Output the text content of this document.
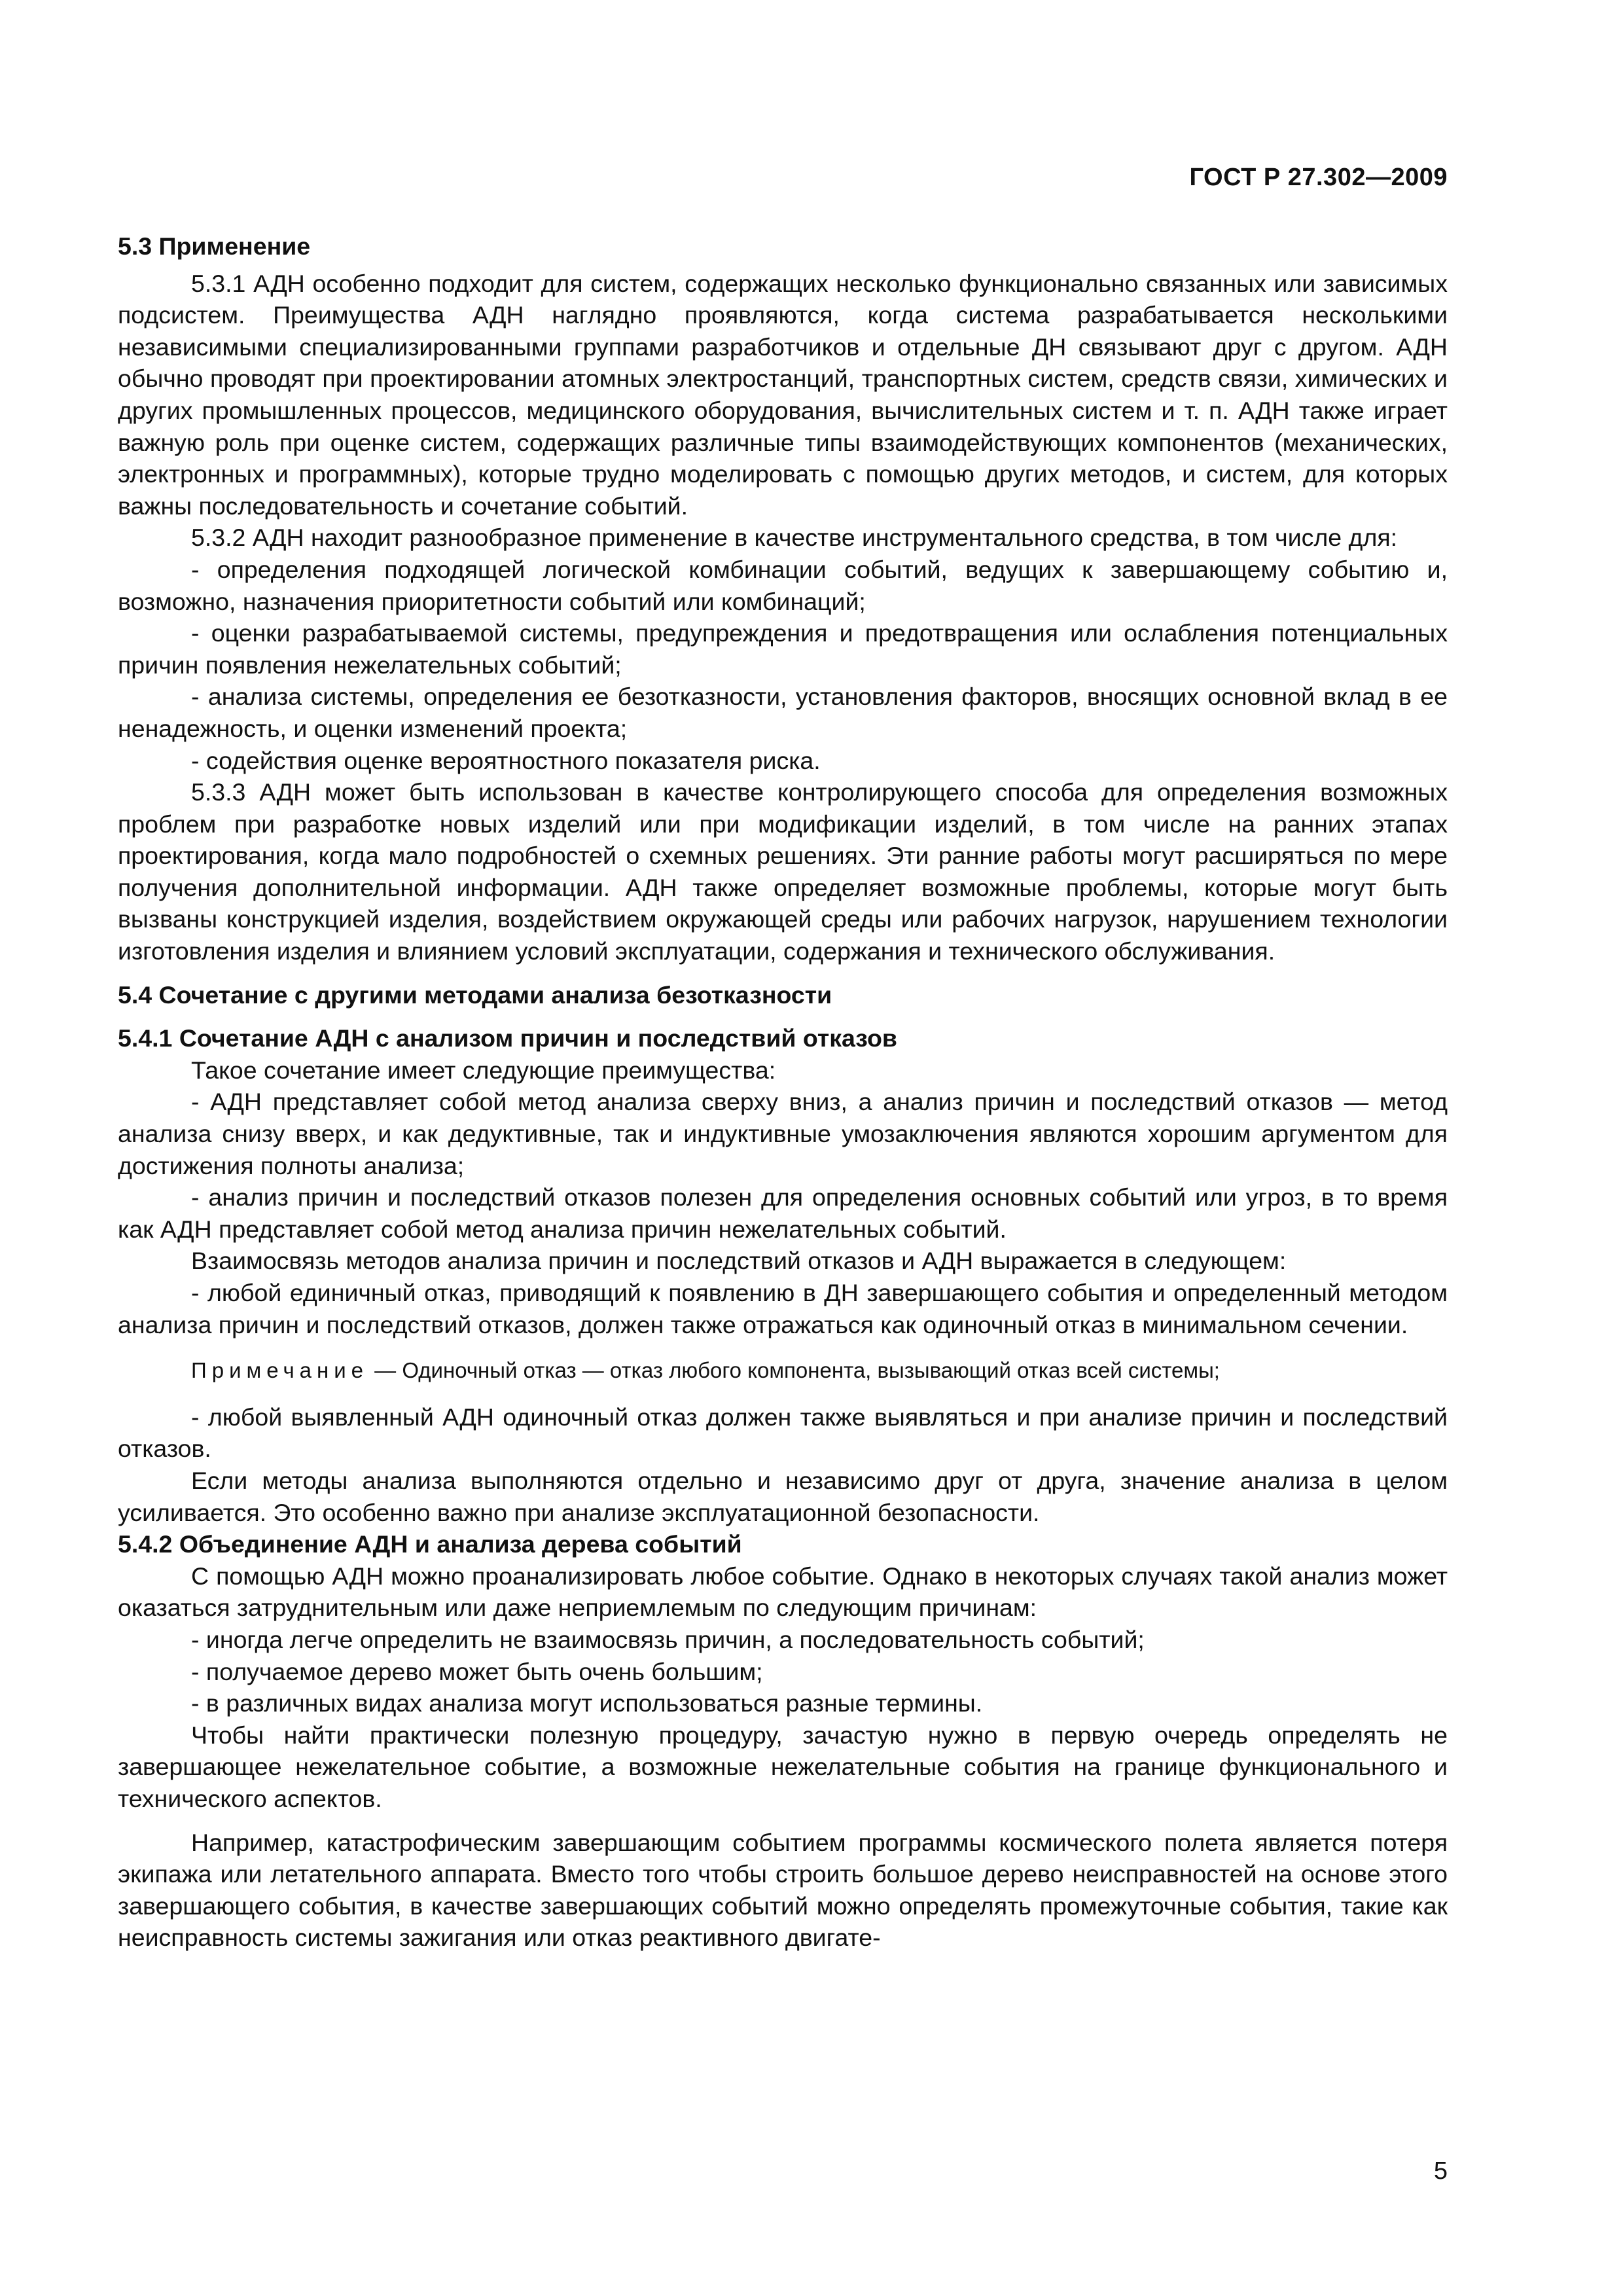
ГОСТ Р 27.302—2009

5.3 Применение

5.3.1 АДН особенно подходит для систем, содержащих несколько функционально связанных или зависимых подсистем. Преимущества АДН наглядно проявляются, когда система разрабатывается несколькими независимыми специализированными группами разработчиков и отдельные ДН связывают друг с другом. АДН обычно проводят при проектировании атомных электростанций, транспортных систем, средств связи, химических и других промышленных процессов, медицинского оборудования, вычислительных систем и т. п. АДН также играет важную роль при оценке систем, содержащих различные типы взаимодействующих компонентов (механических, электронных и программных), которые трудно моделировать с помощью других методов, и систем, для которых важны последовательность и сочетание событий.

5.3.2 АДН находит разнообразное применение в качестве инструментального средства, в том числе для:

- определения подходящей логической комбинации событий, ведущих к завершающему событию и, возможно, назначения приоритетности событий или комбинаций;

- оценки разрабатываемой системы, предупреждения и предотвращения или ослабления потенциальных причин появления нежелательных событий;

- анализа системы, определения ее безотказности, установления факторов, вносящих основной вклад в ее ненадежность, и оценки изменений проекта;

- содействия оценке вероятностного показателя риска.

5.3.3 АДН может быть использован в качестве контролирующего способа для определения возможных проблем при разработке новых изделий или при модификации изделий, в том числе на ранних этапах проектирования, когда мало подробностей о схемных решениях. Эти ранние работы могут расширяться по мере получения дополнительной информации. АДН также определяет возможные проблемы, которые могут быть вызваны конструкцией изделия, воздействием окружающей среды или рабочих нагрузок, нарушением технологии изготовления изделия и влиянием условий эксплуатации, содержания и технического обслуживания.

5.4 Сочетание с другими методами анализа безотказности

5.4.1 Сочетание АДН с анализом причин и последствий отказов

Такое сочетание имеет следующие преимущества:

- АДН представляет собой метод анализа сверху вниз, а анализ причин и последствий отказов — метод анализа снизу вверх, и как дедуктивные, так и индуктивные умозаключения являются хорошим аргументом для достижения полноты анализа;

- анализ причин и последствий отказов полезен для определения основных событий или угроз, в то время как АДН представляет собой метод анализа причин нежелательных событий.

Взаимосвязь методов анализа причин и последствий отказов и АДН выражается в следующем:

- любой единичный отказ, приводящий к появлению в ДН завершающего события и определенный методом анализа причин и последствий отказов, должен также отражаться как одиночный отказ в минимальном сечении.

Примечание — Одиночный отказ — отказ любого компонента, вызывающий отказ всей системы;

- любой выявленный АДН одиночный отказ должен также выявляться и при анализе причин и последствий отказов.

Если методы анализа выполняются отдельно и независимо друг от друга, значение анализа в целом усиливается. Это особенно важно при анализе эксплуатационной безопасности.

5.4.2 Объединение АДН и анализа дерева событий

С помощью АДН можно проанализировать любое событие. Однако в некоторых случаях такой анализ может оказаться затруднительным или даже неприемлемым по следующим причинам:

- иногда легче определить не взаимосвязь причин, а последовательность событий;

- получаемое дерево может быть очень большим;

- в различных видах анализа могут использоваться разные термины.

Чтобы найти практически полезную процедуру, зачастую нужно в первую очередь определять не завершающее нежелательное событие, а возможные нежелательные события на границе функционального и технического аспектов.

Например, катастрофическим завершающим событием программы космического полета является потеря экипажа или летательного аппарата. Вместо того чтобы строить большое дерево неисправностей на основе этого завершающего события, в качестве завершающих событий можно определять промежуточные события, такие как неисправность системы зажигания или отказ реактивного двигате-

5
